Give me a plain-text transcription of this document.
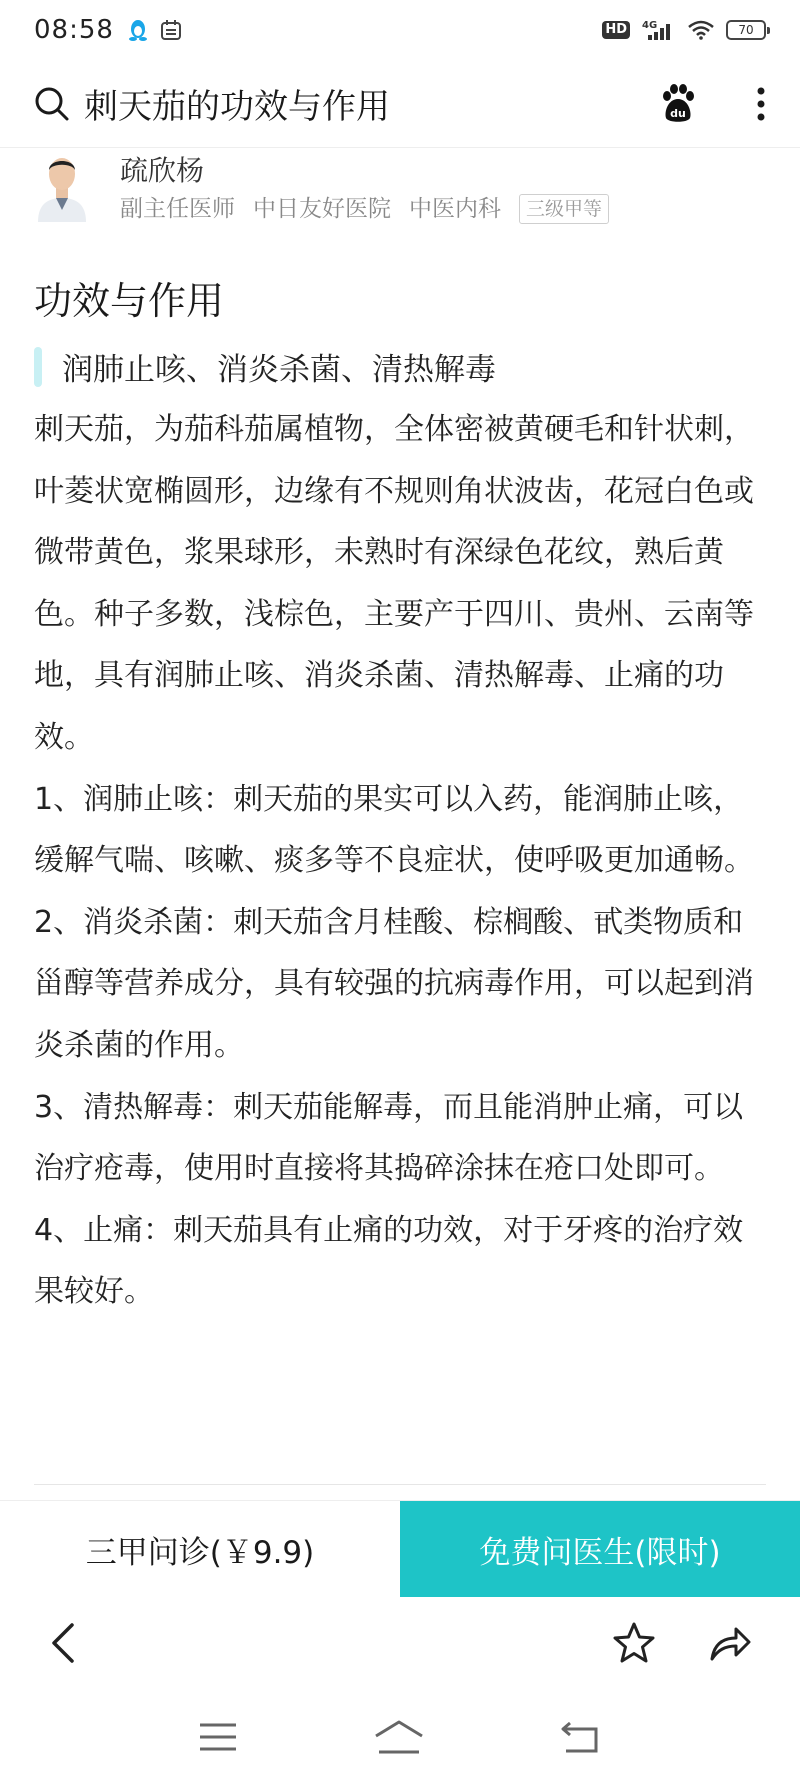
08:58	HD	4G	70
刺天茄的功效与作用	du
疏欣杨
副主任医师 中日友好医院 中医内科	三级甲等
功效与作用
润肺止咳、消炎杀菌、清热解毒

刺天茄，为茄科茄属植物，全体密被黄硬毛和针状刺，叶菱状宽椭圆形，边缘有不规则角状波齿，花冠白色或微带黄色，浆果球形，未熟时有深绿色花纹，熟后黄色。种子多数，浅棕色，主要产于四川、贵州、云南等地，具有润肺止咳、消炎杀菌、清热解毒、止痛的功效。

1、润肺止咳：刺天茄的果实可以入药，能润肺止咳，缓解气喘、咳嗽、痰多等不良症状，使呼吸更加通畅。

2、消炎杀菌：刺天茄含月桂酸、棕榈酸、甙类物质和甾醇等营养成分，具有较强的抗病毒作用，可以起到消炎杀菌的作用。

3、清热解毒：刺天茄能解毒，而且能消肿止痛，可以治疗疮毒，使用时直接将其捣碎涂抹在疮口处即可。

4、止痛：刺天茄具有止痛的功效，对于牙疼的治疗效果较好。

三甲问诊(￥9.9)	免费问医生(限时)
